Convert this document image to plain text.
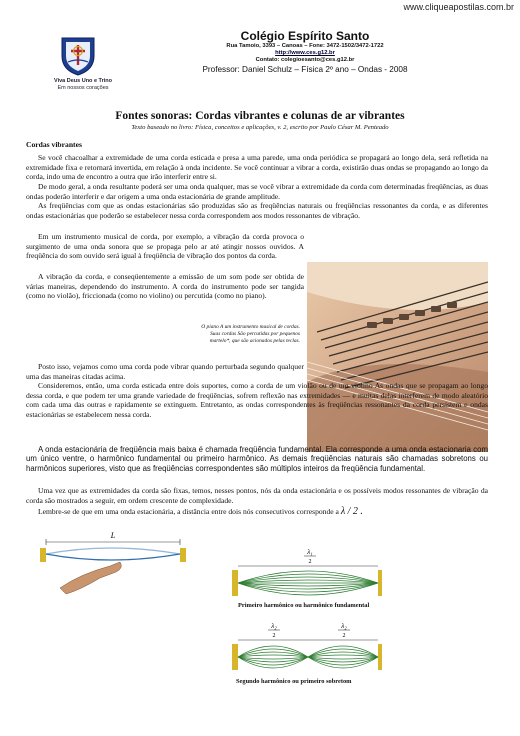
www.cliqueapostilas.com.br
Viva Deus Uno e Trino
Em nossos corações
Colégio Espírito Santo
Rua Tamoio, 3393 – Canoas – Fone: 3472-1502/3472-1722
http://www.ces.g12.br
Contato: colegioesanto@ces.g12.br
Professor: Daniel Schulz – Física 2º ano – Ondas - 2008
Fontes sonoras: Cordas vibrantes e colunas de ar vibrantes
Texto baseado no livro: Física, conceitos e aplicações, v. 2, escrito por Paulo César M. Penteado
Cordas vibrantes
Se você chacoalhar a extremidade de uma corda esticada e presa a uma parede, uma onda periódica se propagará ao longo dela, será refletida na extremidade fixa e retornará invertida, em relação à onda incidente. Se você continuar a vibrar a corda, existirão duas ondas se propagando ao longo da corda, indo uma de encontro a outra que irão interferir entre si.
De modo geral, a onda resultante poderá ser uma onda qualquer, mas se você vibrar a extremidade da corda com determinadas freqüências, as duas ondas poderão interferir e dar origem a uma onda estacionária de grande amplitude.
As freqüências com que as ondas estacionárias são produzidas são as freqüências naturais ou freqüências ressonantes da corda, e as diferentes ondas estacionárias que poderão se estabelecer nessa corda correspondem aos modos ressonantes de vibração.
Em um instrumento musical de corda, por exemplo, a vibração da corda provoca o surgimento de uma onda sonora que se propaga pelo ar até atingir nossos ouvidos. A freqüência do som ouvido será igual à freqüência de vibração dos pontos da corda.
A vibração da corda, e conseqüentemente a emissão de um som pode ser obtida de várias maneiras, dependendo do instrumento. A corda do instrumento pode ser tangida (como no violão), friccionada (como no violino) ou percutida (como no piano).
O piano A um instrumento musical de cordas. Suas cordas São percutidas por pequenos martelo*, que são acionados pelas teclas.
Posto isso, vejamos como uma corda pode vibrar quando perturbada segundo qualquer uma das maneiras citadas acima.
Consideremos, então, uma corda esticada entre dois suportes, como a corda de um violão ou de um violino As ondas que se propagam ao longo dessa corda, e que podem ter uma grande variedade de freqüências, sofrem reflexão nas extremidades — e muitas delas interferem de modo aleatório com cada uma das outras e rapidamente se extinguem. Entretanto, as ondas correspondentes às freqüências ressonantes da corda persistem e ondas estacionárias se estabelecem nessa corda.
A onda estacionária de freqüência mais baixa é chamada freqüência fundamental. Ela corresponde a uma onda estacionaria com um único ventre, o harmônico fundamental ou primeiro harmônico. As demais freqüências naturais são chamadas sobretons ou harmônicos superiores, visto que as freqüências correspondentes são múltiplos inteiros da freqüência fundamental.
Uma vez que as extremidades da corda são fixas, temos, nesses pontos, nós da onda estacionária e os possíveis modos ressonantes de vibração da corda são mostrados a seguir, em ordem crescente de complexidade.
Lembre-se de que em uma onda estacionária, a distância entre dois nós consecutivos corresponde a λ / 2 .
L
λ₁
2
Primeiro harmônico ou harmônico fundamental
λ₂
2
λ₂
2
Segundo harmônico ou primeiro sobretom
